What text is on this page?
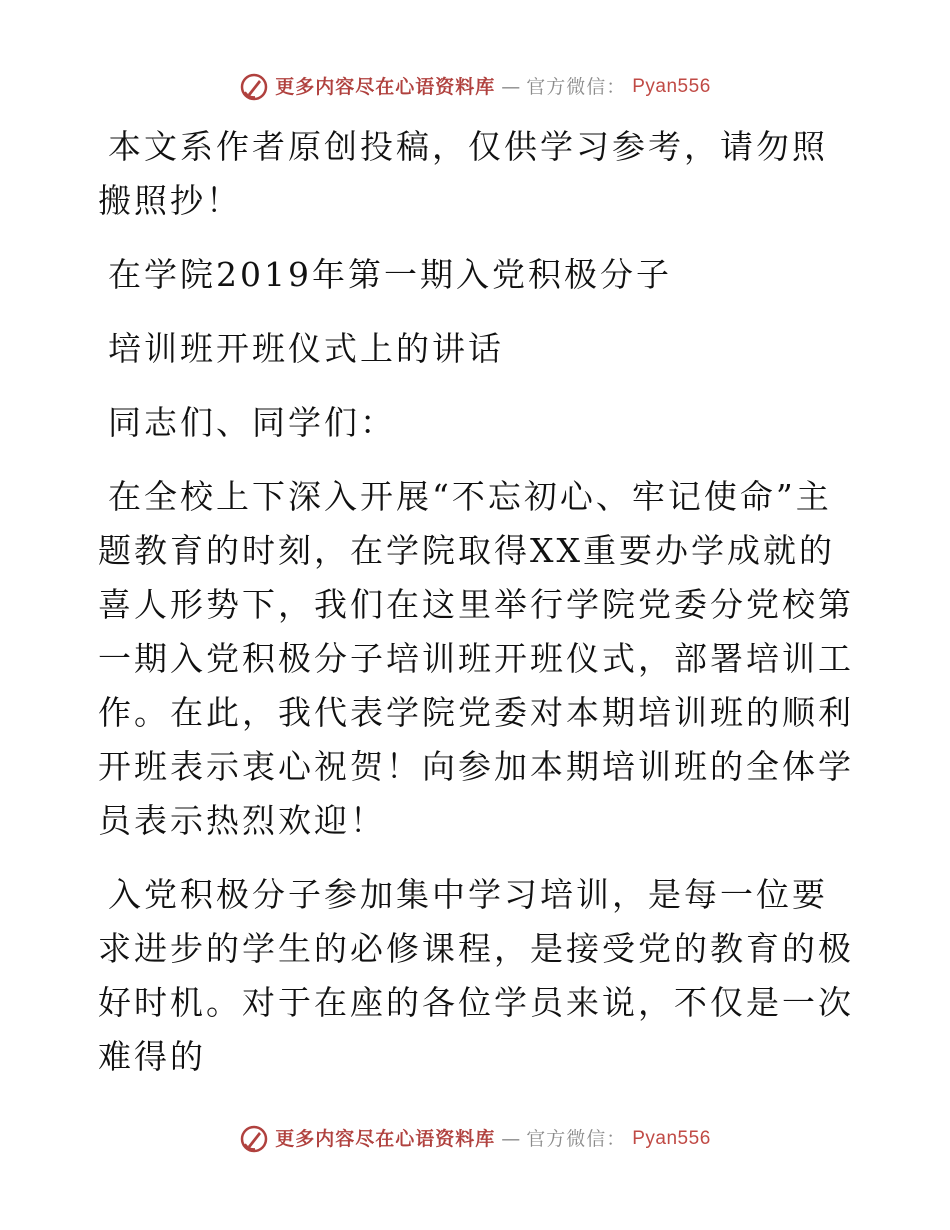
更多内容尽在心语资料库 — 官方微信： Pyan556

本文系作者原创投稿，仅供学习参考，请勿照搬照抄！

在学院2019年第一期入党积极分子

培训班开班仪式上的讲话

同志们、同学们：

在全校上下深入开展“不忘初心、牢记使命”主题教育的时刻，在学院取得XX重要办学成就的喜人形势下，我们在这里举行学院党委分党校第一期入党积极分子培训班开班仪式，部署培训工作。在此，我代表学院党委对本期培训班的顺利开班表示衷心祝贺！向参加本期培训班的全体学员表示热烈欢迎！

入党积极分子参加集中学习培训，是每一位要求进步的学生的必修课程，是接受党的教育的极好时机。对于在座的各位学员来说，不仅是一次难得的

更多内容尽在心语资料库 — 官方微信： Pyan556
